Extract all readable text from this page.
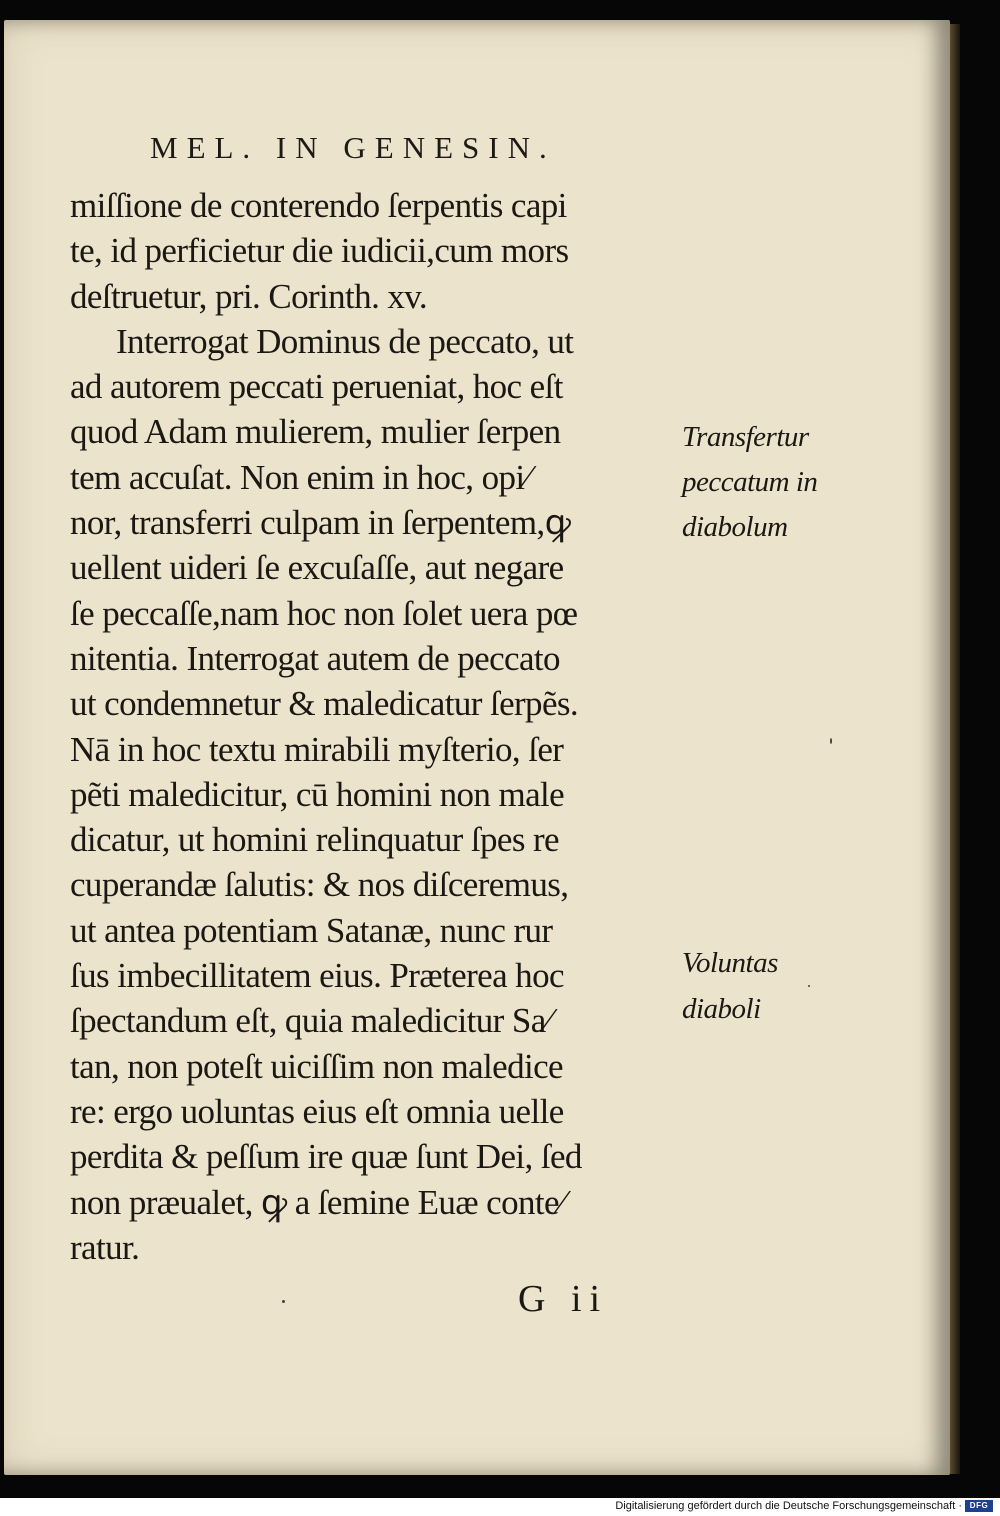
MEL. IN GENESIN.
miſſione de conterendo ſerpentis capi
te, id perficietur die iudicii,cum mors
deſtruetur, pri. Corinth. xv.
Interrogat Dominus de peccato, ut
ad autorem peccati perueniat, hoc eſt
quod Adam mulierem, mulier ſerpen
tem accuſat. Non enim in hoc, opi⁄
nor, transferri culpam in ſerpentem,ꝙ
uellent uideri ſe excuſaſſe, aut negare
ſe peccaſſe,nam hoc non ſolet uera pœ
nitentia. Interrogat autem de peccato
ut condemnetur & maledicatur ſerpẽs.
Nā in hoc textu mirabili myſterio, ſer
pẽti maledicitur, cū homini non male
dicatur, ut homini relinquatur ſpes re
cuperandæ ſalutis: & nos diſceremus,
ut antea potentiam Satanæ, nunc rur
ſus imbecillitatem eius. Præterea hoc
ſpectandum eſt, quia maledicitur Sa⁄
tan, non poteſt uiciſſim non maledice
re: ergo uoluntas eius eſt omnia uelle
perdita & peſſum ire quæ ſunt Dei, ſed
non præualet, ꝙ a ſemine Euæ conte⁄
ratur.
Transfertur
peccatum in
diabolum
Voluntas
diaboli
G ii
Digitalisierung gefördert durch die Deutsche Forschungsgemeinschaft · DFG
